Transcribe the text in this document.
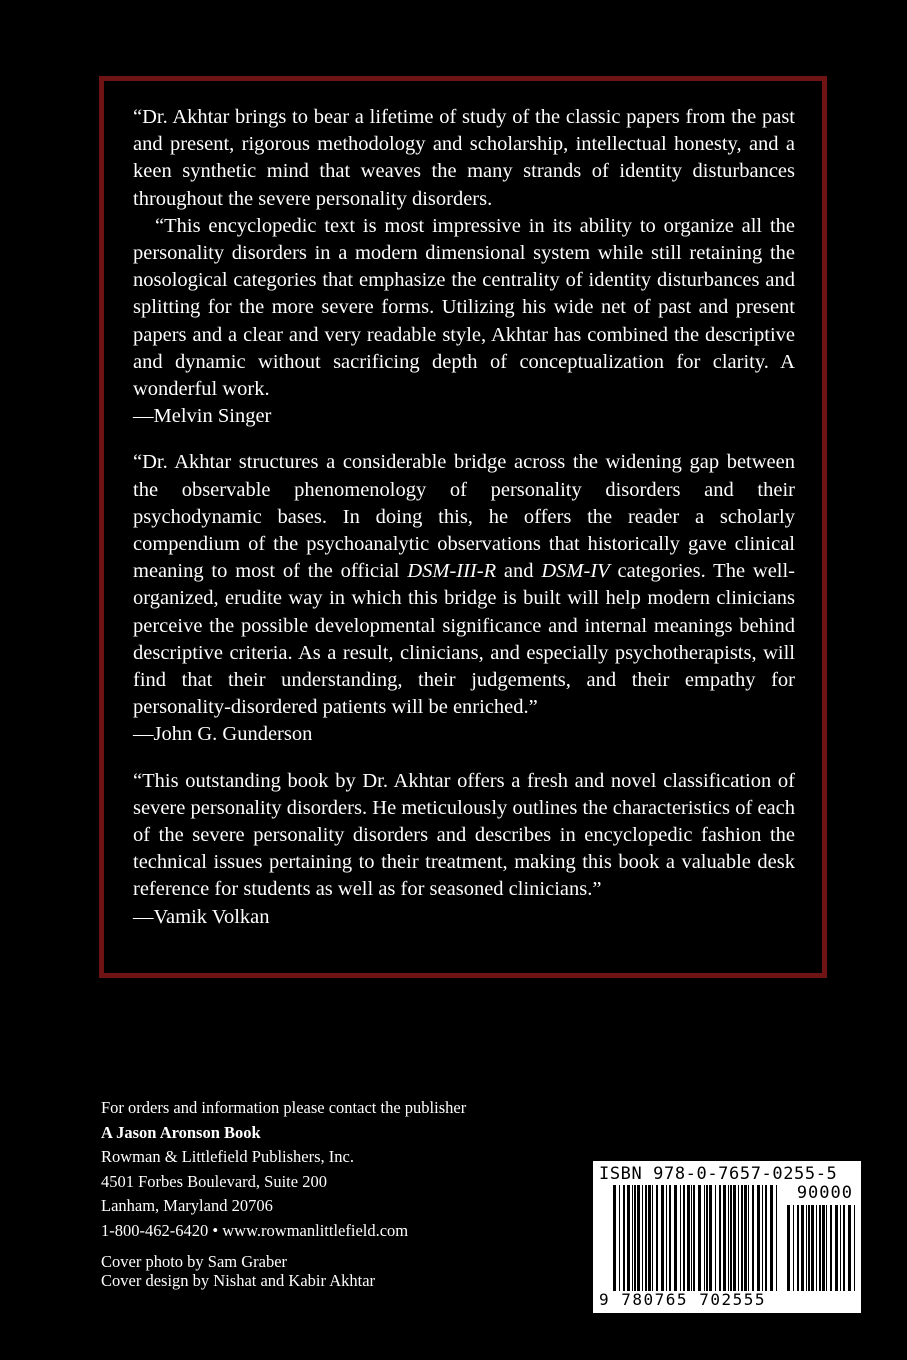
“Dr. Akhtar brings to bear a lifetime of study of the classic papers from the past and present, rigorous methodology and scholarship, intellectual honesty, and a keen synthetic mind that weaves the many strands of identity disturbances throughout the severe personality disorders.

“This encyclopedic text is most impressive in its ability to organize all the personality disorders in a modern dimensional system while still retaining the nosological categories that emphasize the centrality of identity disturbances and splitting for the more severe forms. Utilizing his wide net of past and present papers and a clear and very readable style, Akhtar has combined the descriptive and dynamic without sacrificing depth of conceptualization for clarity. A wonderful work.

—Melvin Singer

“Dr. Akhtar structures a considerable bridge across the widening gap between the observable phenomenology of personality disorders and their psychodynamic bases. In doing this, he offers the reader a scholarly compendium of the psychoanalytic observations that historically gave clinical meaning to most of the official DSM-III-R and DSM-IV categories. The well-organized, erudite way in which this bridge is built will help modern clinicians perceive the possible developmental significance and internal meanings behind descriptive criteria. As a result, clinicians, and especially psychotherapists, will find that their understanding, their judgements, and their empathy for personality-disordered patients will be enriched.”

—John G. Gunderson

“This outstanding book by Dr. Akhtar offers a fresh and novel classification of severe personality disorders. He meticulously outlines the characteristics of each of the severe personality disorders and describes in encyclopedic fashion the technical issues pertaining to their treatment, making this book a valuable desk reference for students as well as for seasoned clinicians.”

—Vamik Volkan

For orders and information please contact the publisher
A Jason Aronson Book
Rowman & Littlefield Publishers, Inc.
4501 Forbes Boulevard, Suite 200
Lanham, Maryland 20706
1-800-462-6420 • www.rowmanlittlefield.com
Cover photo by Sam Graber
Cover design by Nishat and Kabir Akhtar
ISBN 978-0-7657-0255-5
90000
9 780765 702555
